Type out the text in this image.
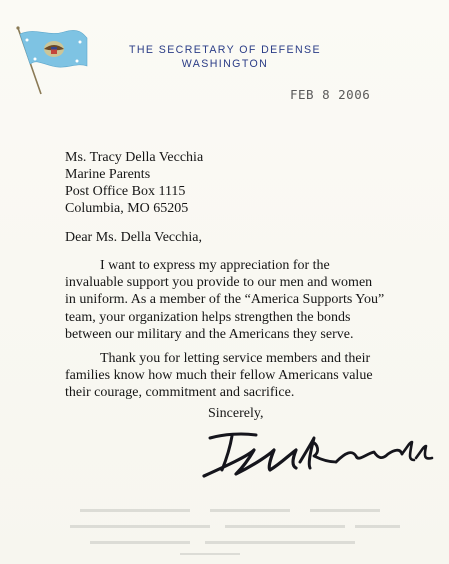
THE SECRETARY OF DEFENSE
WASHINGTON
FEB 8 2006
Ms. Tracy Della Vecchia
Marine Parents
Post Office Box 1115
Columbia, MO 65205
Dear Ms. Della Vecchia,

I want to express my appreciation for the invaluable support you provide to our men and women in uniform. As a member of the “America Supports You” team, your organization helps strengthen the bonds between our military and the Americans they serve.

Thank you for letting service members and their families know how much their fellow Americans value their courage, commitment and sacrifice.

Sincerely,
